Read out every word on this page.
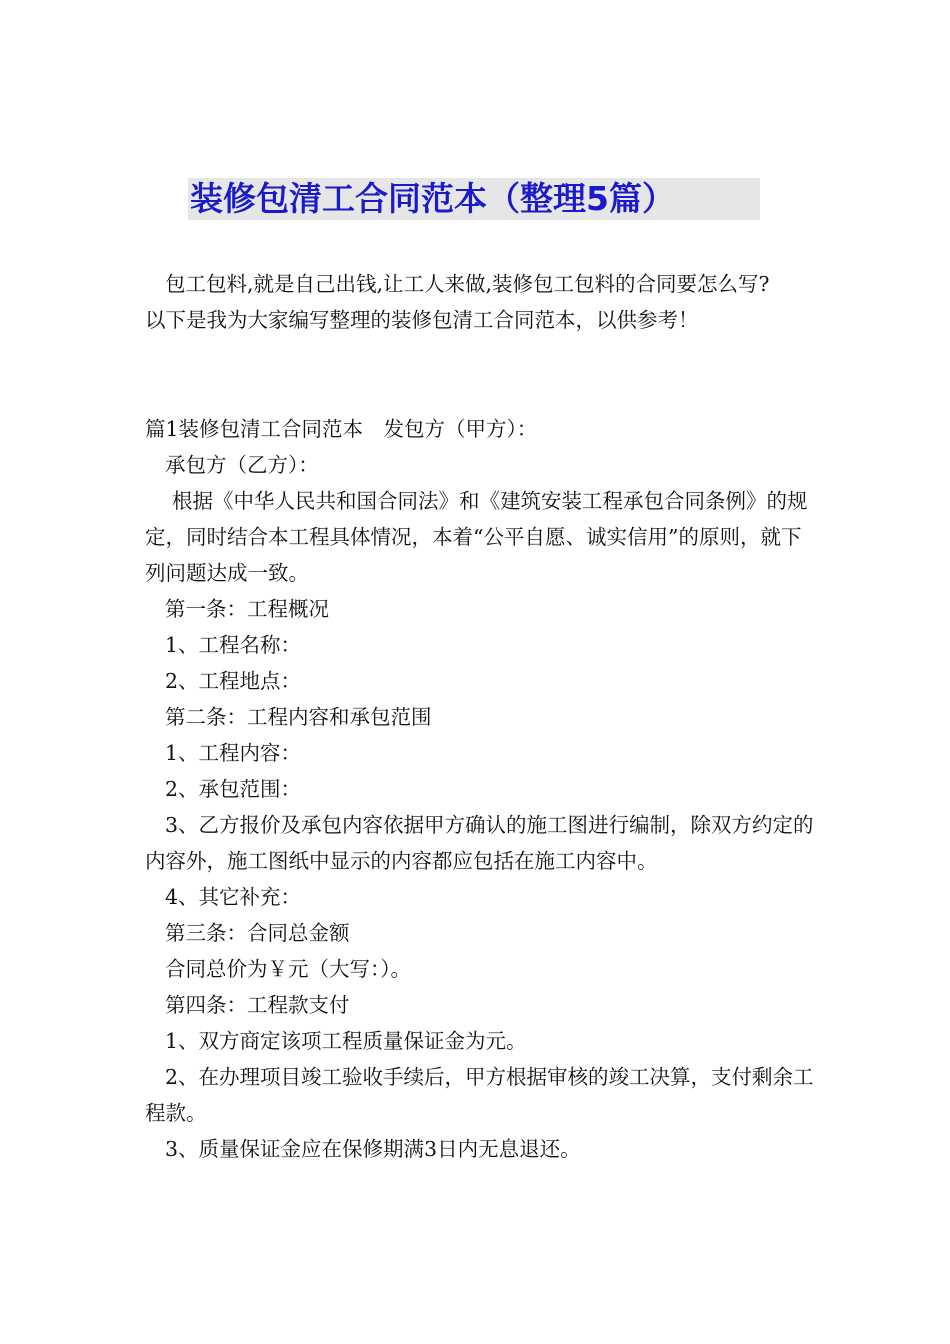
装修包清工合同范本（整理5篇）

包工包料,就是自己出钱,让工人来做,装修包工包料的合同要怎么写?

以下是我为大家编写整理的装修包清工合同范本，以供参考！

篇1装修包清工合同范本　发包方（甲方）：

承包方（乙方）：

根据《中华人民共和国合同法》和《建筑安装工程承包合同条例》的规定，同时结合本工程具体情况，本着“公平自愿、诚实信用”的原则，就下列问题达成一致。

第一条：工程概况

1、工程名称：

2、工程地点：

第二条：工程内容和承包范围

1、工程内容：

2、承包范围：

3、乙方报价及承包内容依据甲方确认的施工图进行编制，除双方约定的内容外，施工图纸中显示的内容都应包括在施工内容中。

4、其它补充：

第三条：合同总金额

合同总价为￥元（大写：）。

第四条：工程款支付

1、双方商定该项工程质量保证金为元。

2、在办理项目竣工验收手续后，甲方根据审核的竣工决算，支付剩余工程款。

3、质量保证金应在保修期满3日内无息退还。
